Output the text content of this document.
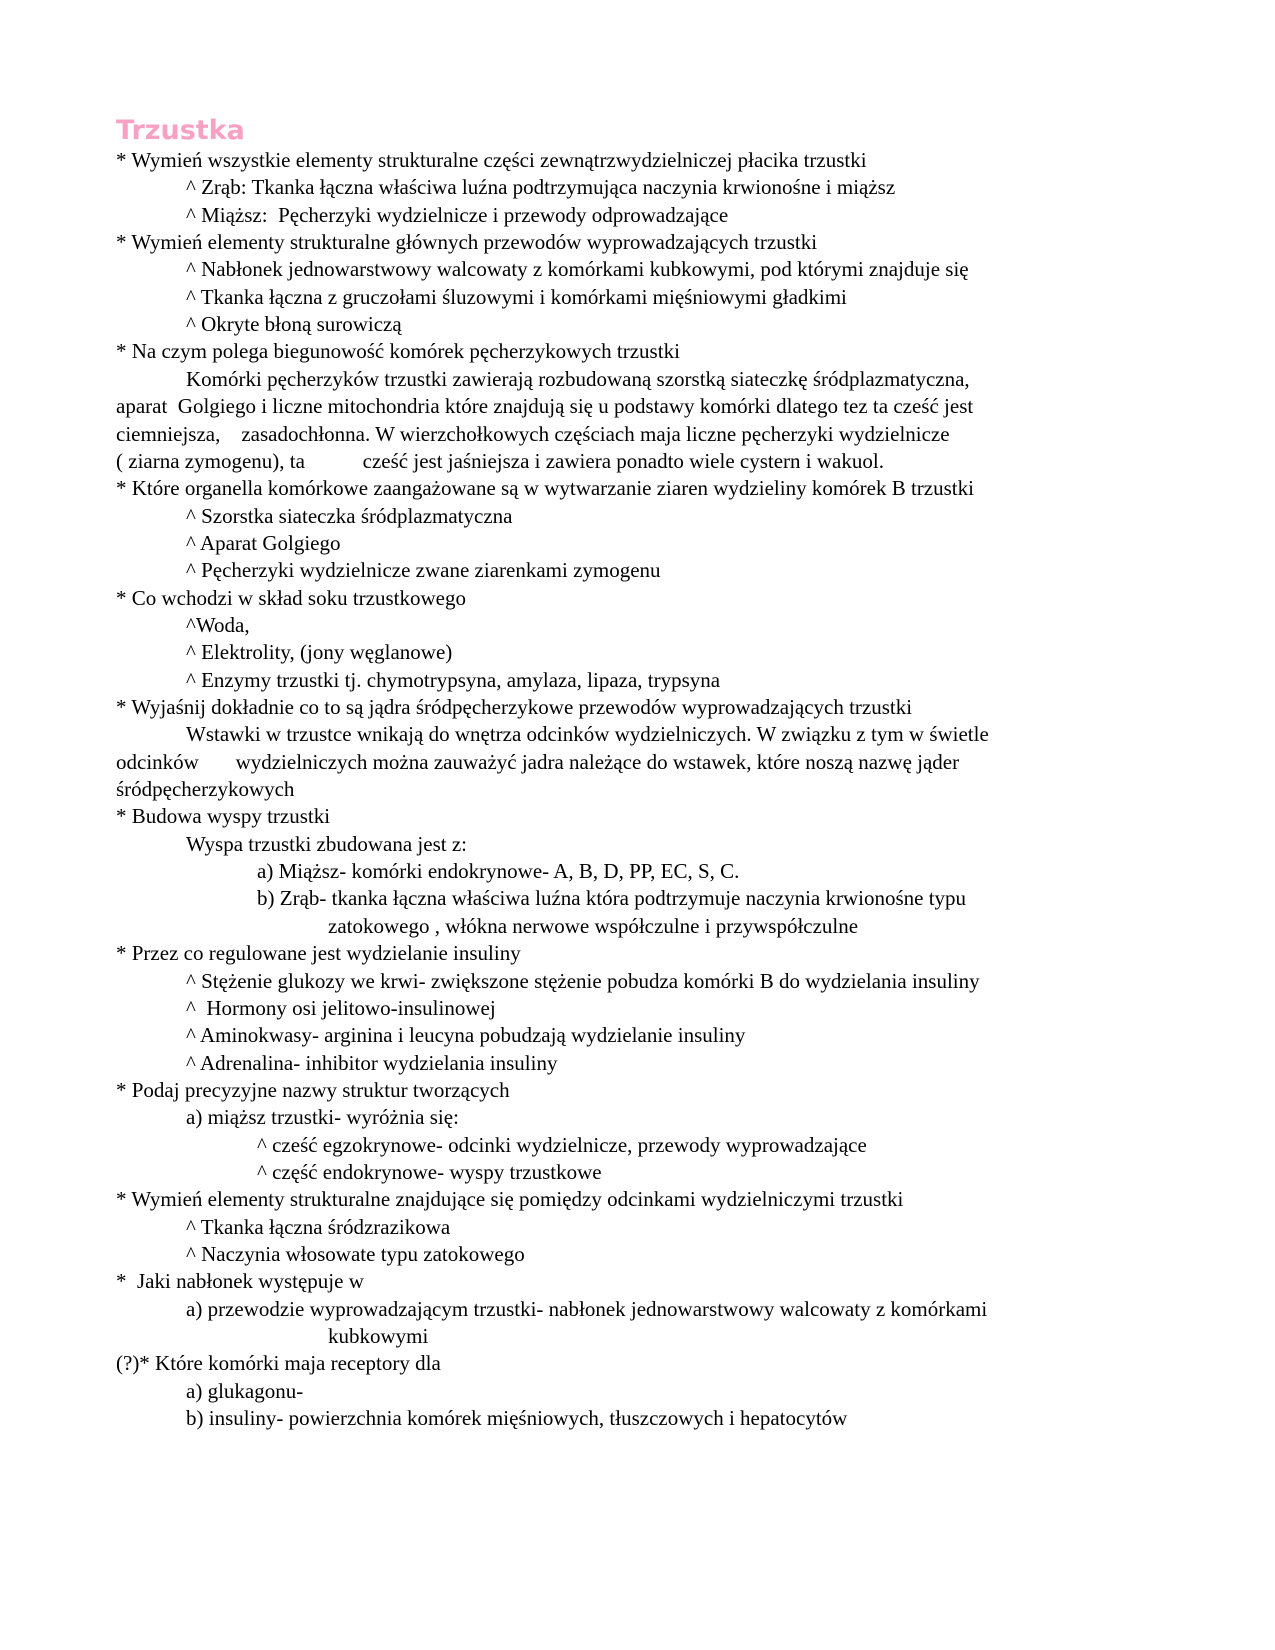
Trzustka
* Wymień wszystkie elementy strukturalne części zewnątrzwydzielniczej płacika trzustki
^ Zrąb: Tkanka łączna właściwa luźna podtrzymująca naczynia krwionośne i miąższ
^ Miąższ:  Pęcherzyki wydzielnicze i przewody odprowadzające
* Wymień elementy strukturalne głównych przewodów wyprowadzających trzustki
^ Nabłonek jednowarstwowy walcowaty z komórkami kubkowymi, pod którymi znajduje się
^ Tkanka łączna z gruczołami śluzowymi i komórkami mięśniowymi gładkimi
^ Okryte błoną surowiczą
* Na czym polega biegunowość komórek pęcherzykowych trzustki
Komórki pęcherzyków trzustki zawierają rozbudowaną szorstką siateczkę śródplazmatyczna,
aparat  Golgiego i liczne mitochondria które znajdują się u podstawy komórki dlatego tez ta cześć jest
ciemniejsza,    zasadochłonna. W wierzchołkowych częściach maja liczne pęcherzyki wydzielnicze
( ziarna zymogenu), ta           cześć jest jaśniejsza i zawiera ponadto wiele cystern i wakuol.
* Które organella komórkowe zaangażowane są w wytwarzanie ziaren wydzieliny komórek B trzustki
^ Szorstka siateczka śródplazmatyczna
^ Aparat Golgiego
^ Pęcherzyki wydzielnicze zwane ziarenkami zymogenu
* Co wchodzi w skład soku trzustkowego
^Woda,
^ Elektrolity, (jony węglanowe)
^ Enzymy trzustki tj. chymotrypsyna, amylaza, lipaza, trypsyna
* Wyjaśnij dokładnie co to są jądra śródpęcherzykowe przewodów wyprowadzających trzustki
Wstawki w trzustce wnikają do wnętrza odcinków wydzielniczych. W związku z tym w świetle
odcinków       wydzielniczych można zauważyć jadra należące do wstawek, które noszą nazwę jąder
śródpęcherzykowych
* Budowa wyspy trzustki
Wyspa trzustki zbudowana jest z:
a) Miąższ- komórki endokrynowe- A, B, D, PP, EC, S, C.
b) Zrąb- tkanka łączna właściwa luźna która podtrzymuje naczynia krwionośne typu
zatokowego , włókna nerwowe współczulne i przywspółczulne
* Przez co regulowane jest wydzielanie insuliny
^ Stężenie glukozy we krwi- zwiększone stężenie pobudza komórki B do wydzielania insuliny
^  Hormony osi jelitowo-insulinowej
^ Aminokwasy- arginina i leucyna pobudzają wydzielanie insuliny
^ Adrenalina- inhibitor wydzielania insuliny
* Podaj precyzyjne nazwy struktur tworzących
a) miąższ trzustki- wyróżnia się:
^ cześć egzokrynowe- odcinki wydzielnicze, przewody wyprowadzające
^ część endokrynowe- wyspy trzustkowe
* Wymień elementy strukturalne znajdujące się pomiędzy odcinkami wydzielniczymi trzustki
^ Tkanka łączna śródzrazikowa
^ Naczynia włosowate typu zatokowego
*  Jaki nabłonek występuje w
a) przewodzie wyprowadzającym trzustki- nabłonek jednowarstwowy walcowaty z komórkami
kubkowymi
(?)* Które komórki maja receptory dla
a) glukagonu-
b) insuliny- powierzchnia komórek mięśniowych, tłuszczowych i hepatocytów
